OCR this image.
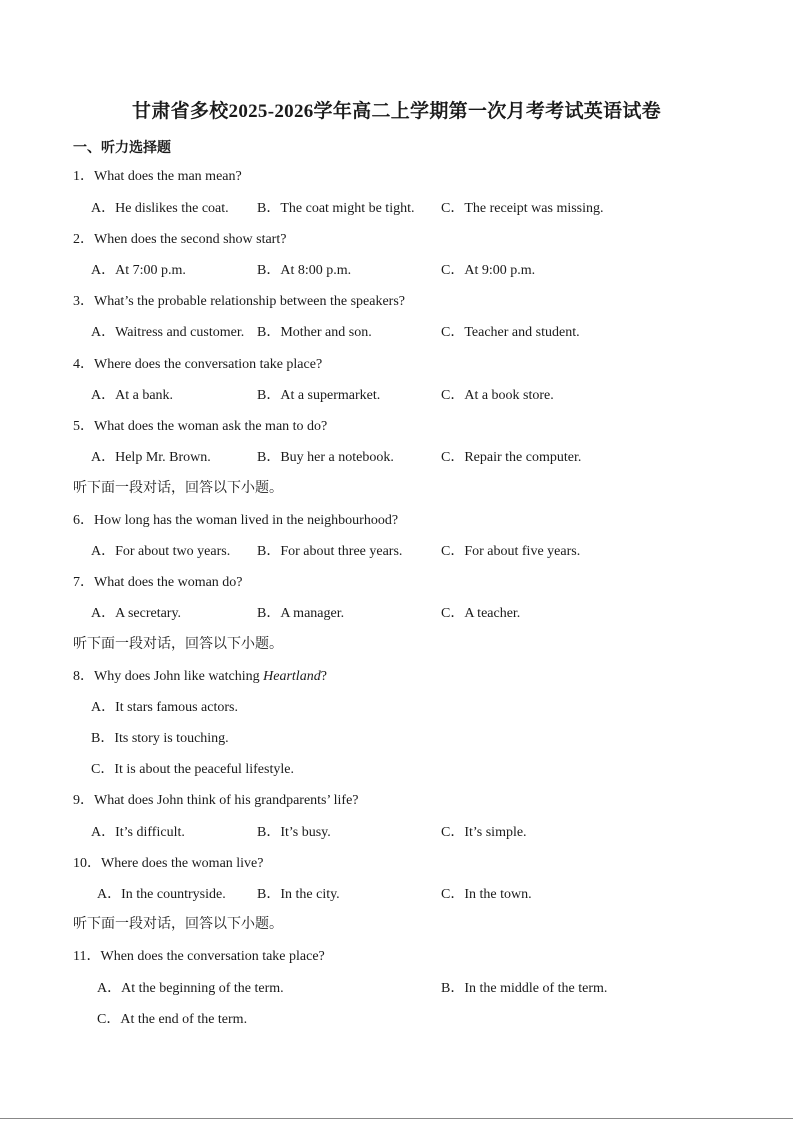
甘肃省多校2025-2026学年高二上学期第一次月考考试英语试卷
一、听力选择题
1．What does the man mean?
A．He dislikes the coat. B．The coat might be tight. C．The receipt was missing.
2．When does the second show start?
A．At 7:00 p.m.	B．At 8:00 p.m.	C．At 9:00 p.m.
3．What’s the probable relationship between the speakers?
A．Waitress and customer. B．Mother and son.	C．Teacher and student.
4．Where does the conversation take place?
A．At a bank.	B．At a supermarket.	C．At a book store.
5．What does the woman ask the man to do?
A．Help Mr. Brown.	B．Buy her a notebook.	C．Repair the computer.
听下面一段对话，回答以下小题。
6．How long has the woman lived in the neighbourhood?
A．For about two years. B．For about three years.	C．For about five years.
7．What does the woman do?
A．A secretary.	B．A manager.	C．A teacher.
听下面一段对话，回答以下小题。
8．Why does John like watching Heartland?
A．It stars famous actors.
B．Its story is touching.
C．It is about the peaceful lifestyle.
9．What does John think of his grandparents’ life?
A．It’s difficult.	B．It’s busy.	C．It’s simple.
10．Where does the woman live?
A．In the countryside. B．In the city.	C．In the town.
听下面一段对话，回答以下小题。
11．When does the conversation take place?
A．At the beginning of the term.	B．In the middle of the term.
C．At the end of the term.
